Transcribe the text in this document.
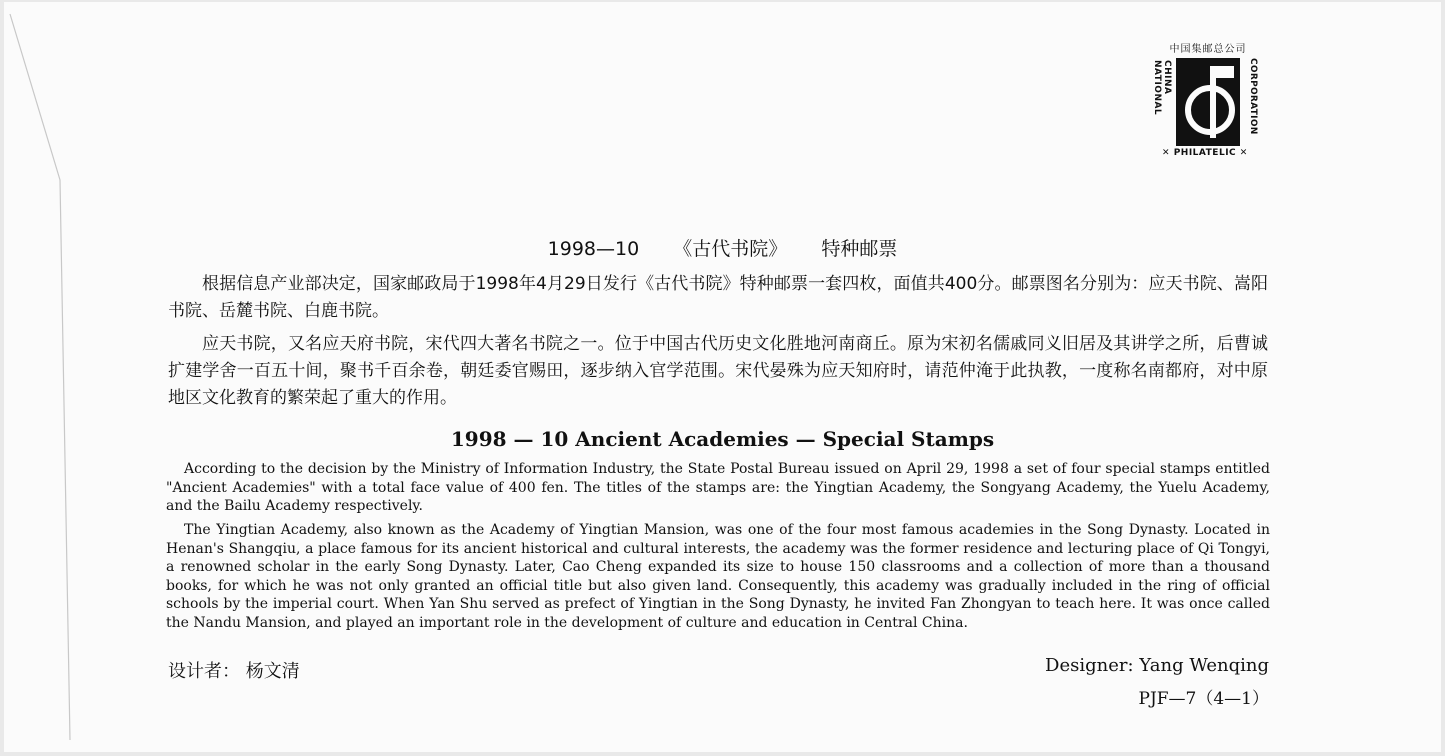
中国集邮总公司
CHINA NATIONAL	CORPORATION
✕ PHILATELIC ✕
1998—10 《古代书院》 特种邮票
根据信息产业部决定，国家邮政局于1998年4月29日发行《古代书院》特种邮票一套四枚，面值共400分。邮票图名分别为：应天书院、嵩阳书院、岳麓书院、白鹿书院。
应天书院，又名应天府书院，宋代四大著名书院之一。位于中国古代历史文化胜地河南商丘。原为宋初名儒戚同义旧居及其讲学之所，后曹诚扩建学舍一百五十间，聚书千百余卷，朝廷委官赐田，逐步纳入官学范围。宋代晏殊为应天知府时，请范仲淹于此执教，一度称名南都府，对中原地区文化教育的繁荣起了重大的作用。
1998 — 10 Ancient Academies — Special Stamps
According to the decision by the Ministry of Information Industry, the State Postal Bureau issued on April 29, 1998 a set of four special stamps entitled "Ancient Academies" with a total face value of 400 fen. The titles of the stamps are: the Yingtian Academy, the Songyang Academy, the Yuelu Academy, and the Bailu Academy respectively.
The Yingtian Academy, also known as the Academy of Yingtian Mansion, was one of the four most famous academies in the Song Dynasty. Located in Henan's Shangqiu, a place famous for its ancient historical and cultural interests, the academy was the former residence and lecturing place of Qi Tongyi, a renowned scholar in the early Song Dynasty. Later, Cao Cheng expanded its size to house 150 classrooms and a collection of more than a thousand books, for which he was not only granted an official title but also given land. Consequently, this academy was gradually included in the ring of official schools by the imperial court. When Yan Shu served as prefect of Yingtian in the Song Dynasty, he invited Fan Zhongyan to teach here. It was once called the Nandu Mansion, and played an important role in the development of culture and education in Central China.
设计者： 杨文清	Designer: Yang Wenqing
PJF—7（4—1）
